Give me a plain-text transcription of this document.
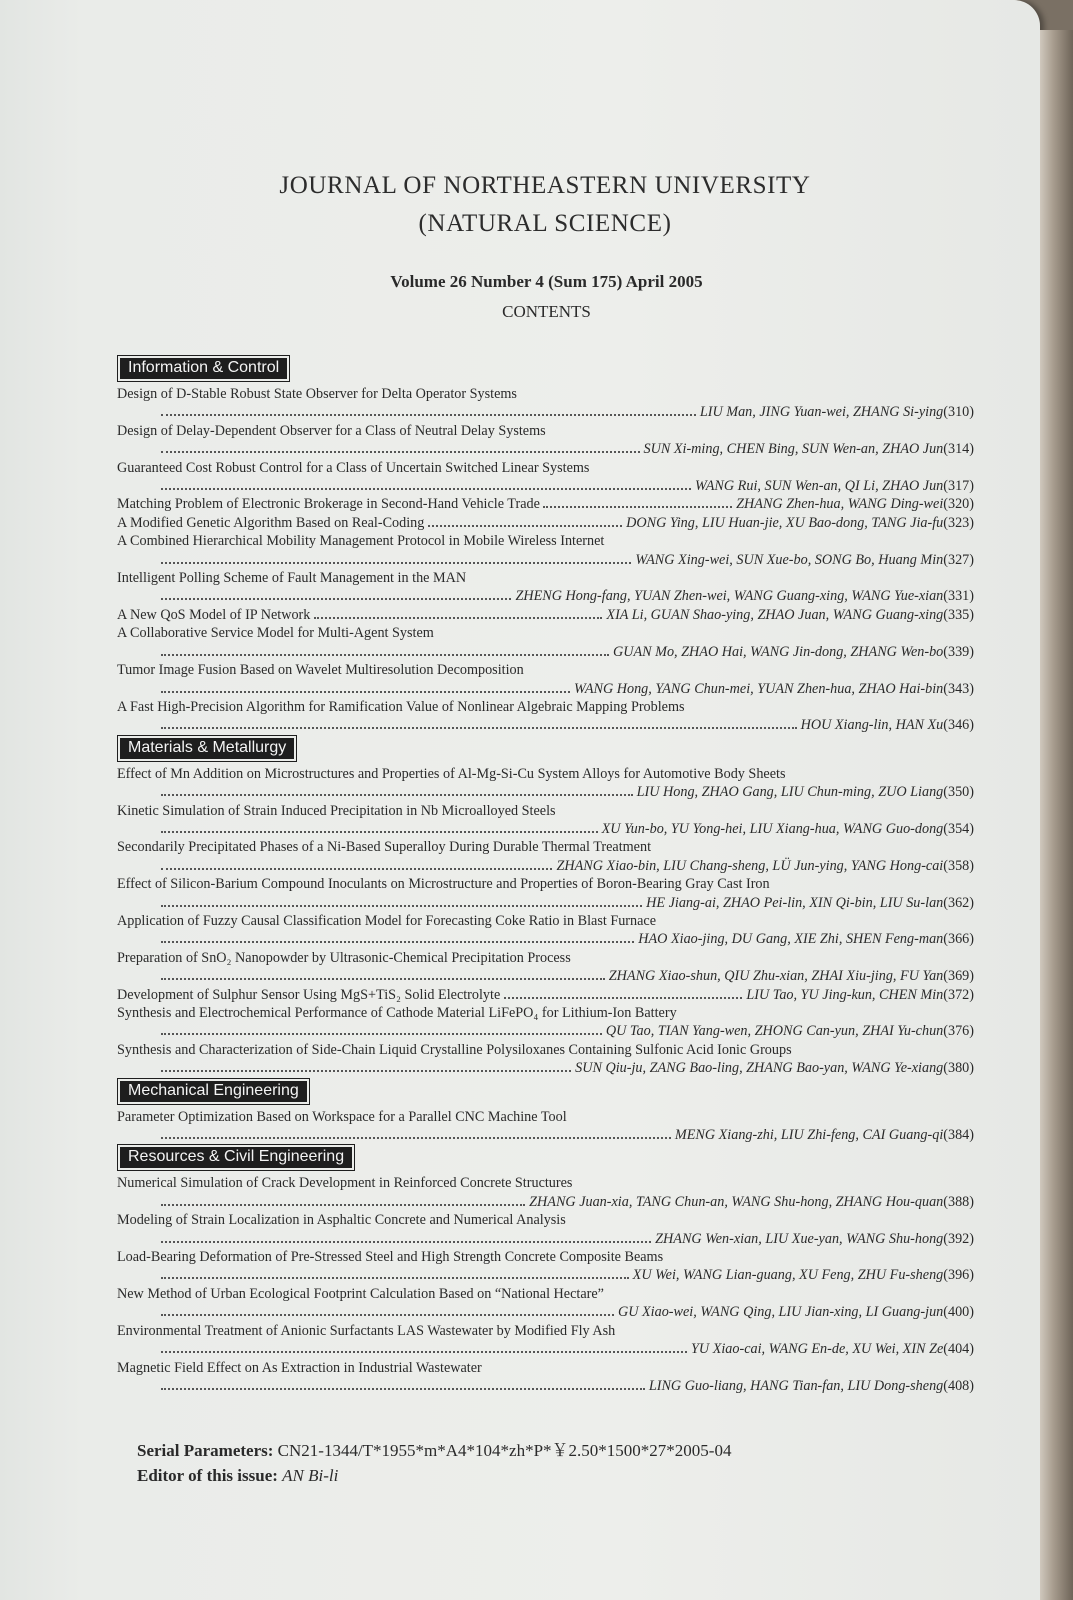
JOURNAL OF NORTHEASTERN UNIVERSITY
(NATURAL SCIENCE)
Volume 26 Number 4 (Sum 175) April 2005
CONTENTS
Information & Control
Design of D-Stable Robust State Observer for Delta Operator Systems
LIU Man, JING Yuan-wei, ZHANG Si-ying(310)
Design of Delay-Dependent Observer for a Class of Neutral Delay Systems
SUN Xi-ming, CHEN Bing, SUN Wen-an, ZHAO Jun(314)
Guaranteed Cost Robust Control for a Class of Uncertain Switched Linear Systems
WANG Rui, SUN Wen-an, QI Li, ZHAO Jun(317)
Matching Problem of Electronic Brokerage in Second-Hand Vehicle Trade
	ZHANG Zhen-hua, WANG Ding-wei(320)
A Modified Genetic Algorithm Based on Real-Coding
	DONG Ying, LIU Huan-jie, XU Bao-dong, TANG Jia-fu(323)
A Combined Hierarchical Mobility Management Protocol in Mobile Wireless Internet
WANG Xing-wei, SUN Xue-bo, SONG Bo, Huang Min(327)
Intelligent Polling Scheme of Fault Management in the MAN
ZHENG Hong-fang, YUAN Zhen-wei, WANG Guang-xing, WANG Yue-xian(331)
A New QoS Model of IP Network
	XIA Li, GUAN Shao-ying, ZHAO Juan, WANG Guang-xing(335)
A Collaborative Service Model for Multi-Agent System
GUAN Mo, ZHAO Hai, WANG Jin-dong, ZHANG Wen-bo(339)
Tumor Image Fusion Based on Wavelet Multiresolution Decomposition
WANG Hong, YANG Chun-mei, YUAN Zhen-hua, ZHAO Hai-bin(343)
A Fast High-Precision Algorithm for Ramification Value of Nonlinear Algebraic Mapping Problems
HOU Xiang-lin, HAN Xu(346)
Materials & Metallurgy
Effect of Mn Addition on Microstructures and Properties of Al-Mg-Si-Cu System Alloys for Automotive Body Sheets
LIU Hong, ZHAO Gang, LIU Chun-ming, ZUO Liang(350)
Kinetic Simulation of Strain Induced Precipitation in Nb Microalloyed Steels
XU Yun-bo, YU Yong-hei, LIU Xiang-hua, WANG Guo-dong(354)
Secondarily Precipitated Phases of a Ni-Based Superalloy During Durable Thermal Treatment
ZHANG Xiao-bin, LIU Chang-sheng, LÜ Jun-ying, YANG Hong-cai(358)
Effect of Silicon-Barium Compound Inoculants on Microstructure and Properties of Boron-Bearing Gray Cast Iron
HE Jiang-ai, ZHAO Pei-lin, XIN Qi-bin, LIU Su-lan(362)
Application of Fuzzy Causal Classification Model for Forecasting Coke Ratio in Blast Furnace
HAO Xiao-jing, DU Gang, XIE Zhi, SHEN Feng-man(366)
Preparation of SnO₂ Nanopowder by Ultrasonic-Chemical Precipitation Process
ZHANG Xiao-shun, QIU Zhu-xian, ZHAI Xiu-jing, FU Yan(369)
Development of Sulphur Sensor Using MgS+TiS₂ Solid Electrolyte
	LIU Tao, YU Jing-kun, CHEN Min(372)
Synthesis and Electrochemical Performance of Cathode Material LiFePO₄ for Lithium-Ion Battery
QU Tao, TIAN Yang-wen, ZHONG Can-yun, ZHAI Yu-chun(376)
Synthesis and Characterization of Side-Chain Liquid Crystalline Polysiloxanes Containing Sulfonic Acid Ionic Groups
SUN Qiu-ju, ZANG Bao-ling, ZHANG Bao-yan, WANG Ye-xiang(380)
Mechanical Engineering
Parameter Optimization Based on Workspace for a Parallel CNC Machine Tool
MENG Xiang-zhi, LIU Zhi-feng, CAI Guang-qi(384)
Resources & Civil Engineering
Numerical Simulation of Crack Development in Reinforced Concrete Structures
ZHANG Juan-xia, TANG Chun-an, WANG Shu-hong, ZHANG Hou-quan(388)
Modeling of Strain Localization in Asphaltic Concrete and Numerical Analysis
ZHANG Wen-xian, LIU Xue-yan, WANG Shu-hong(392)
Load-Bearing Deformation of Pre-Stressed Steel and High Strength Concrete Composite Beams
XU Wei, WANG Lian-guang, XU Feng, ZHU Fu-sheng(396)
New Method of Urban Ecological Footprint Calculation Based on “National Hectare”
GU Xiao-wei, WANG Qing, LIU Jian-xing, LI Guang-jun(400)
Environmental Treatment of Anionic Surfactants LAS Wastewater by Modified Fly Ash
YU Xiao-cai, WANG En-de, XU Wei, XIN Ze(404)
Magnetic Field Effect on As Extraction in Industrial Wastewater
LING Guo-liang, HANG Tian-fan, LIU Dong-sheng(408)
Serial Parameters: CN21-1344/T*1955*m*A4*104*zh*P*￥2.50*1500*27*2005-04
Editor of this issue: AN Bi-li
